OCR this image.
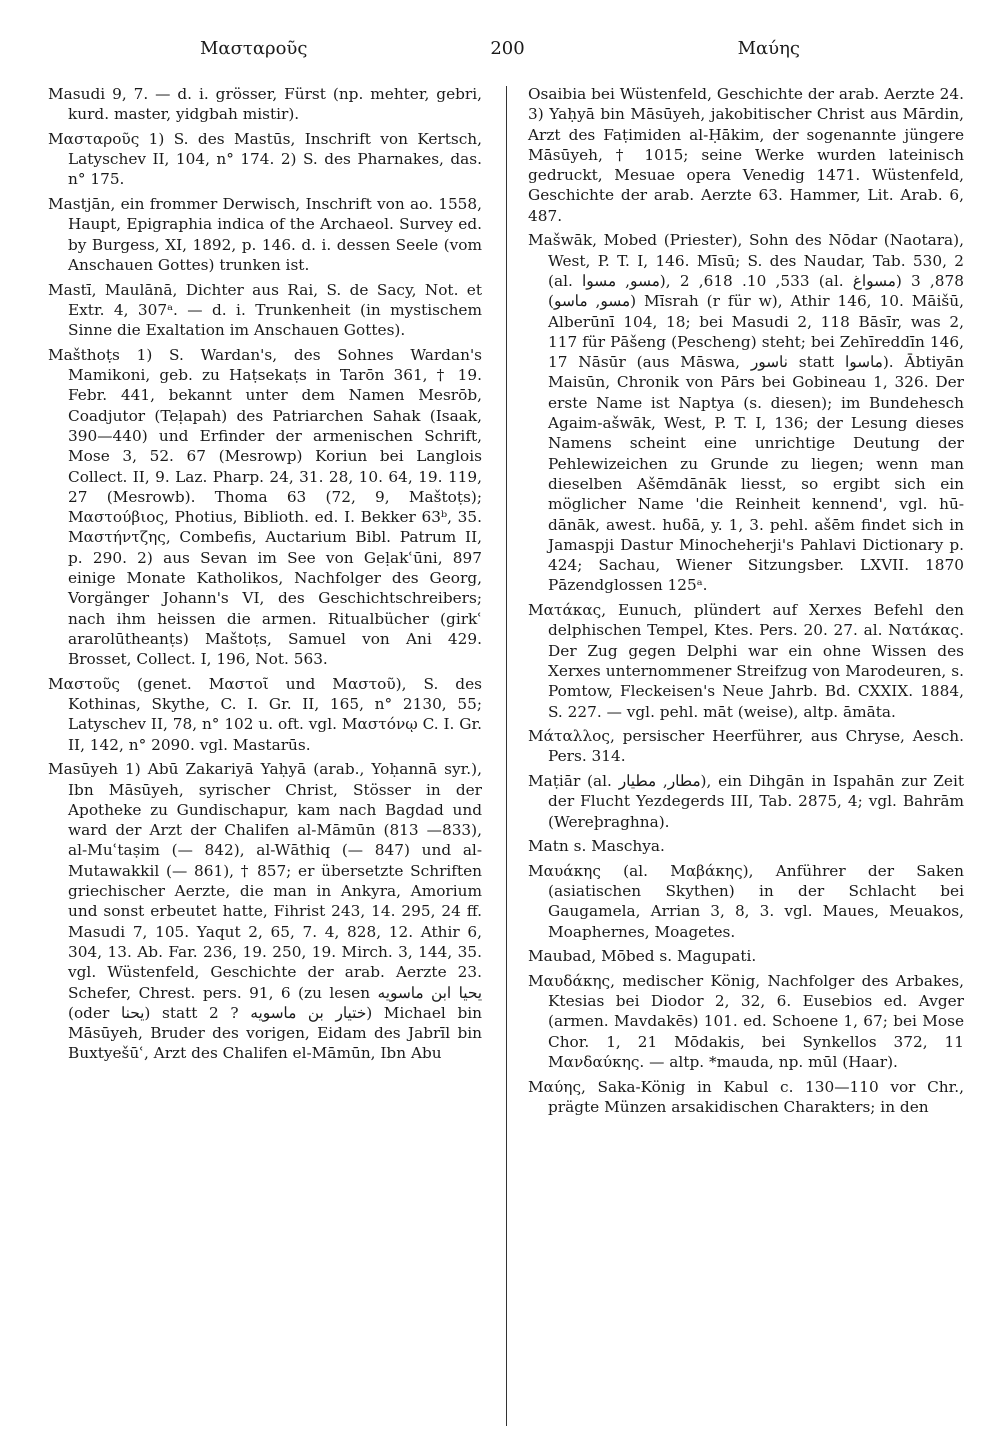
Μασταροῦς	200	Μαύης

Masudi 9, 7. — d. i. grösser, Fürst (np. mehter, gebri, kurd. master, yidgbah mistir).

Μασταροῦς 1) S. des Mastūs, Inschrift von Kertsch, Latyschev II, 104, n° 174. 2) S. des Pharnakes, das. n° 175.

Mastjān, ein frommer Derwisch, Inschrift von ao. 1558, Haupt, Epigraphia indica of the Archaeol. Survey ed. by Burgess, XI, 1892, p. 146. d. i. dessen Seele (vom Anschauen Gottes) trunken ist.

Mastī, Maulānā, Dichter aus Rai, S. de Sacy, Not. et Extr. 4, 307ᵃ. — d. i. Trunkenheit (in mystischem Sinne die Exaltation im Anschauen Gottes).

Mašthoṭs 1) S. Wardan's, des Sohnes Wardan's Mamikoni, geb. zu Haṭsekaṭs in Tarōn 361, † 19. Febr. 441, bekannt unter dem Namen Mesrōb, Coadjutor (Teḷapah) des Patriarchen Sahak (Isaak, 390—440) und Erfinder der armenischen Schrift, Mose 3, 52. 67 (Mesrowp) Koriun bei Langlois Collect. II, 9. Laz. Pharp. 24, 31. 28, 10. 64, 19. 119, 27 (Mesrowb). Thoma 63 (72, 9, Maštoṭs); Μαστούβιος, Photius, Biblioth. ed. I. Bekker 63ᵇ, 35. Μαστήντζης, Combefis, Auctarium Bibl. Patrum II, p. 290. 2) aus Sevan im See von Geḷakʿūni, 897 einige Monate Katholikos, Nachfolger des Georg, Vorgänger Johann's VI, des Geschichtschreibers; nach ihm heissen die armen. Ritualbücher (girkʿ ararolūtheanṭs) Maštoṭs, Samuel von Ani 429. Brosset, Collect. I, 196, Not. 563.

Μαστοῦς (genet. Μαστοῖ und Μαστοῦ), S. des Kothinas, Skythe, C. I. Gr. II, 165, n° 2130, 55; Latyschev II, 78, n° 102 u. oft. vgl. Μαστόνῳ C. I. Gr. II, 142, n° 2090. vgl. Mastarūs.

Masūyeh 1) Abū Zakariyā Yaḥyā (arab., Yoḥannā syr.), Ibn Māsūyeh, syrischer Christ, Stösser in der Apotheke zu Gundischapur, kam nach Bagdad und ward der Arzt der Chalifen al-Māmūn (813 —833), al-Muʿtaṣim (— 842), al-Wāthiq (— 847) und al-Mutawakkil (— 861), † 857; er übersetzte Schriften griechischer Aerzte, die man in Ankyra, Amorium und sonst erbeutet hatte, Fihrist 243, 14. 295, 24 ff. Masudi 7, 105. Yaqut 2, 65, 7. 4, 828, 12. Athir 6, 304, 13. Ab. Far. 236, 19. 250, 19. Mirch. 3, 144, 35. vgl. Wüstenfeld, Geschichte der arab. Aerzte 23. Schefer, Chrest. pers. 91, 6 (zu lesen يحيا ابن ماسويه (oder يحنا) statt ختيار بن ماسويه ? 2) Michael bin Māsūyeh, Bruder des vorigen, Eidam des Jabrīl bin Buxtyešūʿ, Arzt des Chalifen el-Māmūn, Ibn Abu

Osaibia bei Wüstenfeld, Geschichte der arab. Aerzte 24. 3) Yaḥyā bin Māsūyeh, jakobitischer Christ aus Mārdin, Arzt des Faṭimiden al-Ḥākim, der sogenannte jüngere Māsūyeh, † 1015; seine Werke wurden lateinisch gedruckt, Mesuae opera Venedig 1471. Wüstenfeld, Geschichte der arab. Aerzte 63. Hammer, Lit. Arab. 6, 487.

Mašwāk, Mobed (Priester), Sohn des Nōdar (Naotara), West, P. T. I, 146. Mīsū; S. des Naudar, Tab. 530, 2 (al. مسو, مسوا), 533, 10. 618, 2 (al. مسواغ) 878, 3 (مسو, ماسو) Mīsrah (r für w), Athir 146, 10. Māišū, Alberūnī 104, 18; bei Masudi 2, 118 Bāsīr, was 2, 117 für Pāšeng (Pescheng) steht; bei Zehīreddīn 146, 17 Nāsūr (aus Māswa, ناسور statt ماسوا). Ābtiyān Maisūn, Chronik von Pārs bei Gobineau 1, 326. Der erste Name ist Naptya (s. diesen); im Bundehesch Agaim-ašwāk, West, P. T. I, 136; der Lesung dieses Namens scheint eine unrichtige Deutung der Pehlewizeichen zu Grunde zu liegen; wenn man dieselben Ašēmdānāk liesst, so ergibt sich ein möglicher Name 'die Reinheit kennend', vgl. hū-dānāk, awest. huδā, y. 1, 3. pehl. ašēm findet sich in Jamaspji Dastur Minocheherji's Pahlavi Dictionary p. 424; Sachau, Wiener Sitzungsber. LXVII. 1870 Pāzendglossen 125ᵃ.

Ματάκας, Eunuch, plündert auf Xerxes Befehl den delphischen Tempel, Ktes. Pers. 20. 27. al. Νατάκας. Der Zug gegen Delphi war ein ohne Wissen des Xerxes unternommener Streifzug von Marodeuren, s. Pomtow, Fleckeisen's Neue Jahrb. Bd. CXXIX. 1884, S. 227. — vgl. pehl. māt (weise), altp. āmāta.

Μάταλλος, persischer Heerführer, aus Chryse, Aesch. Pers. 314.

Maṭiār (al. مطار, مطيار), ein Dihgān in Ispahān zur Zeit der Flucht Yezdegerds III, Tab. 2875, 4; vgl. Bahrām (Wereþraghna).

Matn s. Maschya.

Μαυάκης (al. Μαβάκης), Anführer der Saken (asiatischen Skythen) in der Schlacht bei Gaugamela, Arrian 3, 8, 3. vgl. Maues, Meuakos, Moaphernes, Moagetes.

Maubad, Mōbed s. Magupati.

Μαυδάκης, medischer König, Nachfolger des Arbakes, Ktesias bei Diodor 2, 32, 6. Eusebios ed. Avger (armen. Mavdakēs) 101. ed. Schoene 1, 67; bei Mose Chor. 1, 21 Mōdakis, bei Synkellos 372, 11 Μανδαύκης. — altp. *mauda, np. mūl (Haar).

Μαύης, Saka-König in Kabul c. 130—110 vor Chr., prägte Münzen arsakidischen Charakters; in den
